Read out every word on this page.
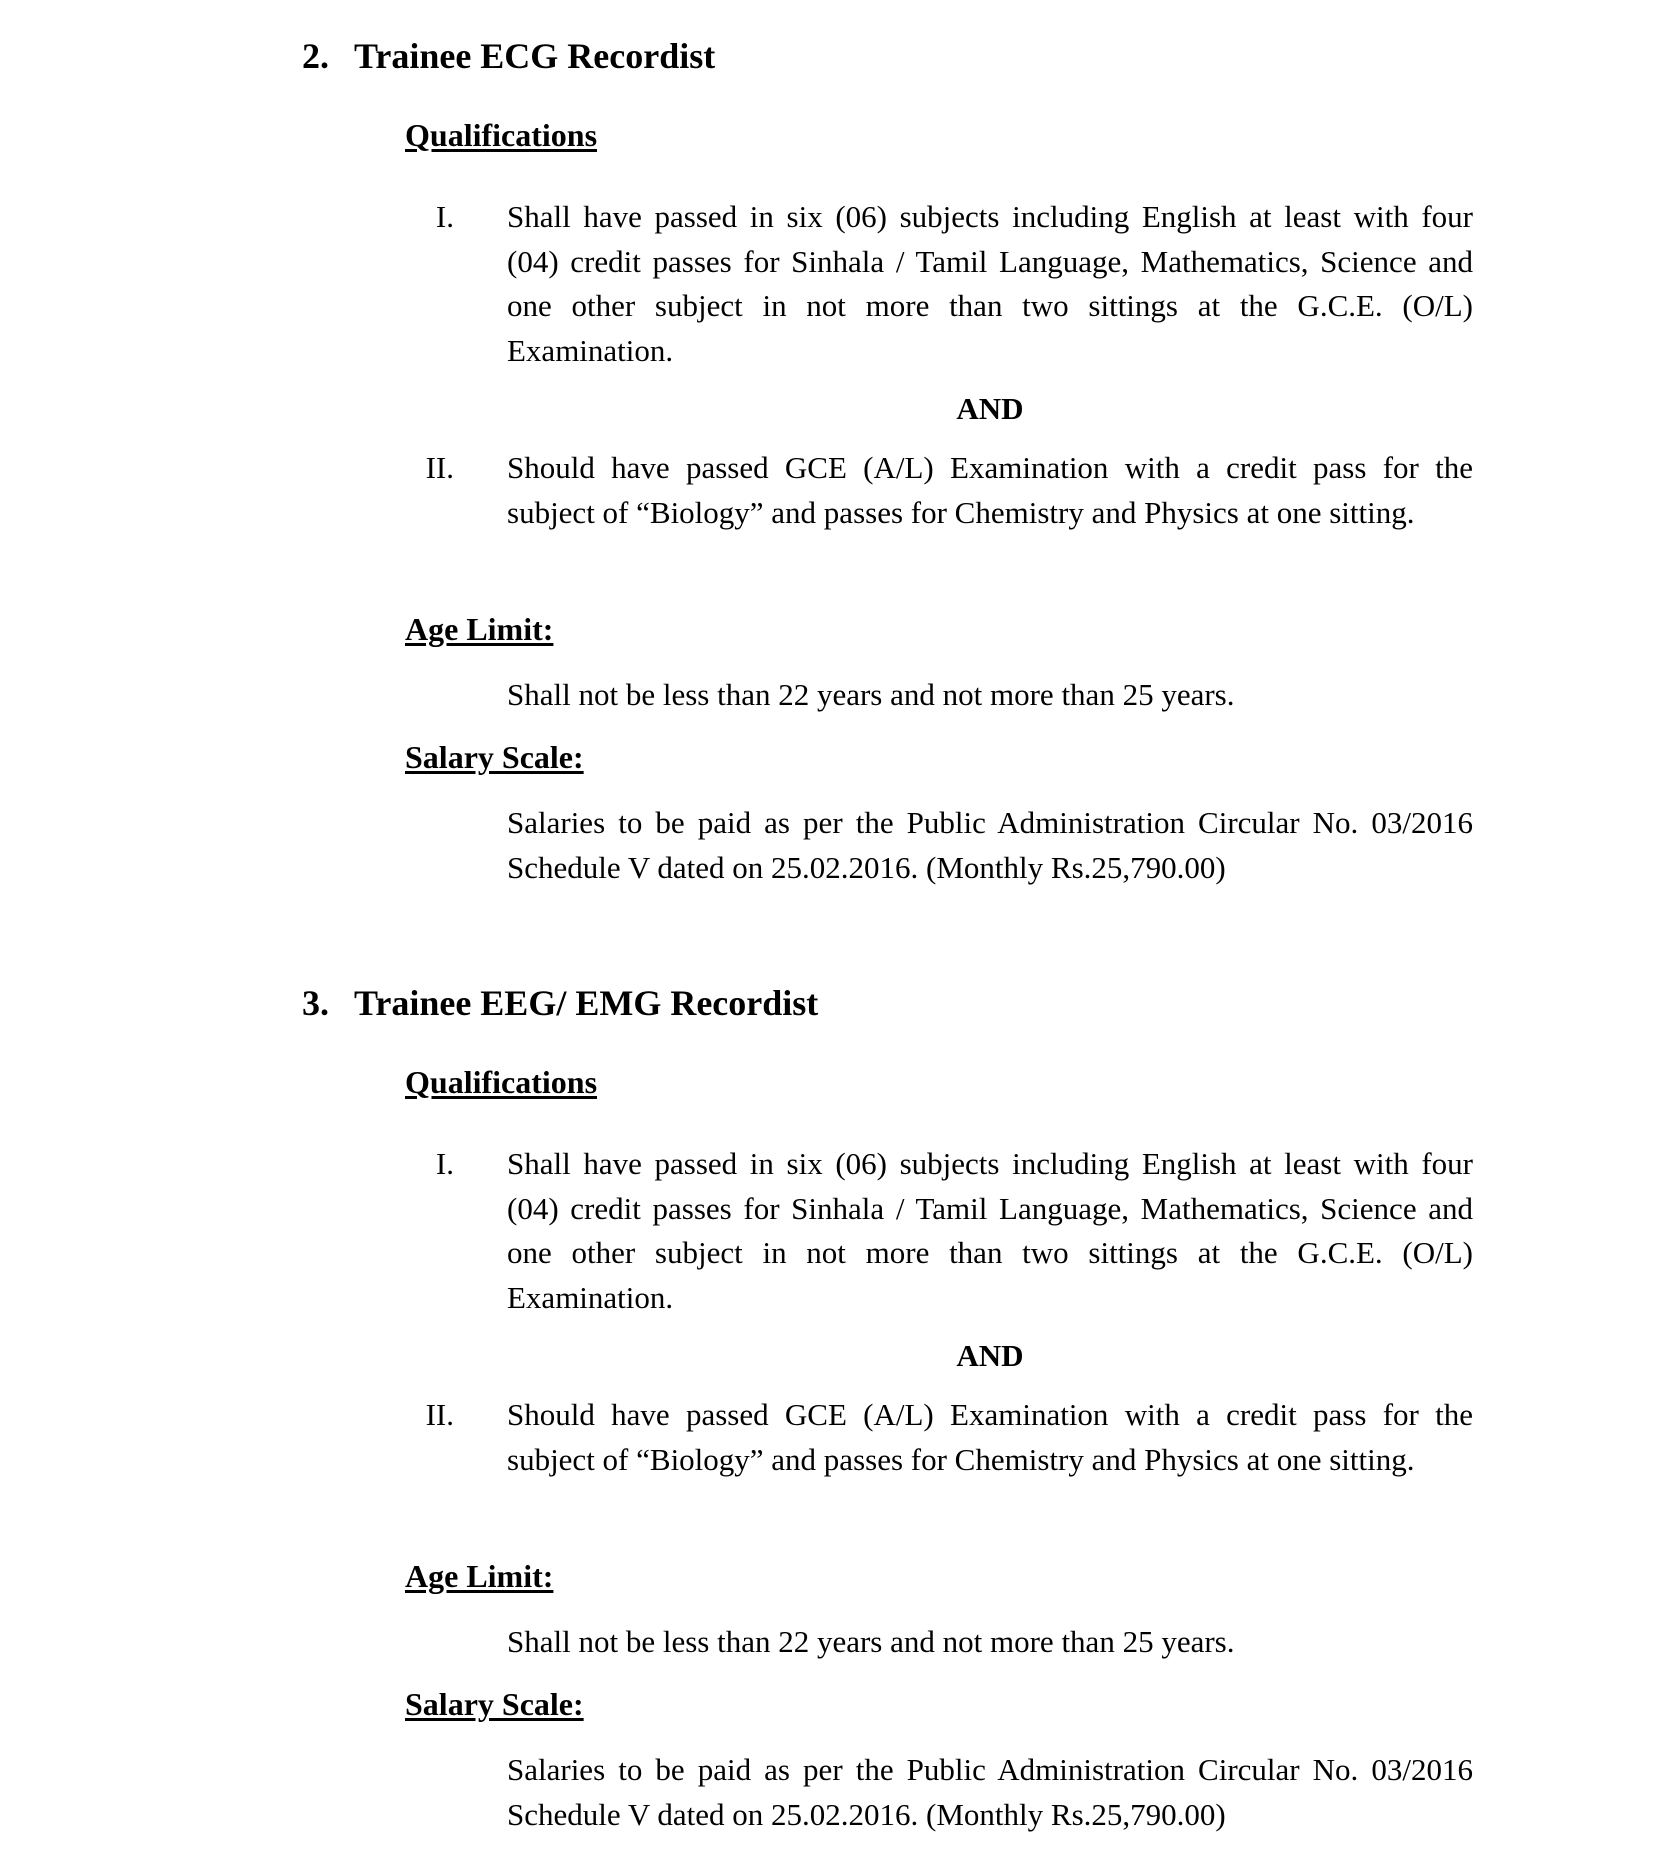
2. Trainee ECG Recordist
Qualifications
I. Shall have passed in six (06) subjects including English at least with four (04) credit passes for Sinhala / Tamil Language, Mathematics, Science and one other subject in not more than two sittings at the G.C.E. (O/L) Examination.
AND
II. Should have passed GCE (A/L) Examination with a credit pass for the subject of “Biology” and passes for Chemistry and Physics at one sitting.
Age Limit:
Shall not be less than 22 years and not more than 25 years.
Salary Scale:
Salaries to be paid as per the Public Administration Circular No. 03/2016 Schedule V dated on 25.02.2016. (Monthly Rs.25,790.00)
3. Trainee EEG/ EMG Recordist
Qualifications
I. Shall have passed in six (06) subjects including English at least with four (04) credit passes for Sinhala / Tamil Language, Mathematics, Science and one other subject in not more than two sittings at the G.C.E. (O/L) Examination.
AND
II. Should have passed GCE (A/L) Examination with a credit pass for the subject of “Biology” and passes for Chemistry and Physics at one sitting.
Age Limit:
Shall not be less than 22 years and not more than 25 years.
Salary Scale:
Salaries to be paid as per the Public Administration Circular No. 03/2016 Schedule V dated on 25.02.2016. (Monthly Rs.25,790.00)
